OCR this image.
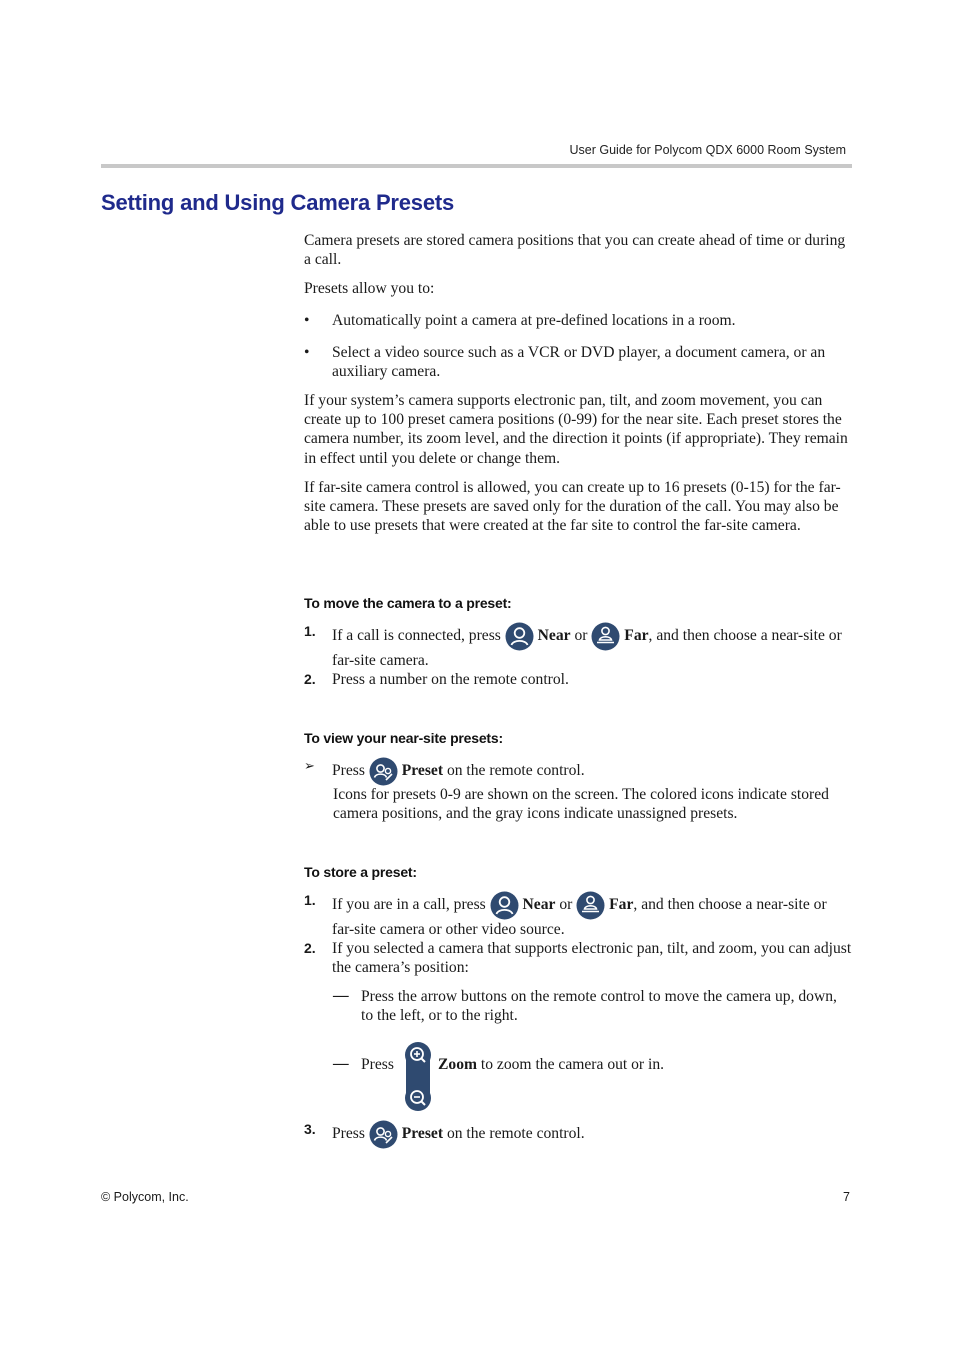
User Guide for Polycom QDX 6000 Room System
Setting and Using Camera Presets

Camera presets are stored camera positions that you can create ahead of time or during a call.

Presets allow you to:

• Automatically point a camera at pre-defined locations in a room.
• Select a video source such as a VCR or DVD player, a document camera, or an auxiliary camera.

If your system’s camera supports electronic pan, tilt, and zoom movement, you can create up to 100 preset camera positions (0-99) for the near site. Each preset stores the camera number, its zoom level, and the direction it points (if appropriate). They remain in effect until you delete or change them.

If far-site camera control is allowed, you can create up to 16 presets (0-15) for the far-site camera. These presets are saved only for the duration of the call. You may also be able to use presets that were created at the far site to control the far-site camera.

To move the camera to a preset:
1. If a call is connected, press Near or Far, and then choose a near-site or far-site camera.
2. Press a number on the remote control.
To view your near-site presets:
➢ Press Preset on the remote control.

Icons for presets 0-9 are shown on the screen. The colored icons indicate stored camera positions, and the gray icons indicate unassigned presets.

To store a preset:
1. If you are in a call, press Near or Far, and then choose a near-site or far-site camera or other video source.
2. If you selected a camera that supports electronic pan, tilt, and zoom, you can adjust the camera’s position:
— Press the arrow buttons on the remote control to move the camera up, down, to the left, or to the right.
— Press	Zoom to zoom the camera out or in.
3. Press Preset on the remote control.
© Polycom, Inc.	7
